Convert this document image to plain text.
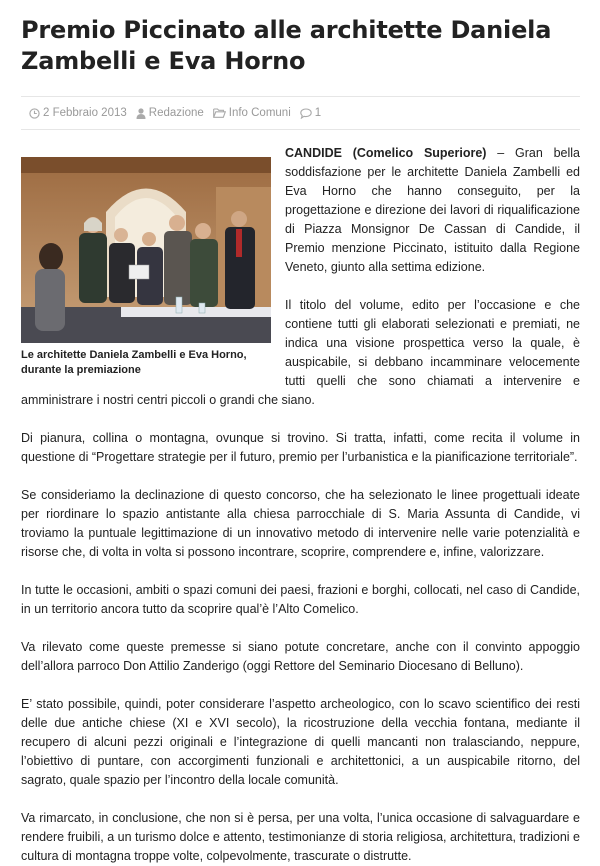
Premio Piccinato alle architette Daniela Zambelli e Eva Horno
2 Febbraio 2013 Redazione Info Comuni 1
Le architette Daniela Zambelli e Eva Horno, durante la premiazione

CANDIDE (Comelico Superiore) – Gran bella soddisfazione per le architette Daniela Zambelli ed Eva Horno che hanno conseguito, per la progettazione e direzione dei lavori di riqualificazione di Piazza Monsignor De Cassan di Candide, il Premio menzione Piccinato, istituito dalla Regione Veneto, giunto alla settima edizione.

Il titolo del volume, edito per l’occasione e che contiene tutti gli elaborati selezionati e premiati, ne indica una visione prospettica verso la quale, è auspicabile, si debbano incamminare velocemente tutti quelli che sono chiamati a intervenire e amministrare i nostri centri piccoli o grandi che siano.

Di pianura, collina o montagna, ovunque si trovino. Si tratta, infatti, come recita il volume in questione di “Progettare strategie per il futuro, premio per l’urbanistica e la pianificazione territoriale”.

Se consideriamo la declinazione di questo concorso, che ha selezionato le linee progettuali ideate per riordinare lo spazio antistante alla chiesa parrocchiale di S. Maria Assunta di Candide, vi troviamo la puntuale legittimazione di un innovativo metodo di intervenire nelle varie potenzialità e risorse che, di volta in volta si possono incontrare, scoprire, comprendere e, infine, valorizzare.

In tutte le occasioni, ambiti o spazi comuni dei paesi, frazioni e borghi, collocati, nel caso di Candide, in un territorio ancora tutto da scoprire qual’è l’Alto Comelico.

Va rilevato come queste premesse si siano potute concretare, anche con il convinto appoggio dell’allora parroco Don Attilio Zanderigo (oggi Rettore del Seminario Diocesano di Belluno).

E’ stato possibile, quindi, poter considerare l’aspetto archeologico, con lo scavo scientifico dei resti delle due antiche chiese (XI e XVI secolo), la ricostruzione della vecchia fontana, mediante il recupero di alcuni pezzi originali e l’integrazione di quelli mancanti non tralasciando, neppure, l’obiettivo di puntare, con accorgimenti funzionali e architettonici, a un auspicabile ritorno, del sagrato, quale spazio per l’incontro della locale comunità.

Va rimarcato, in conclusione, che non si è persa, per una volta, l’unica occasione di salvaguardare e rendere fruibili, a un turismo dolce e attento, testimonianze di storia religiosa, architettura, tradizioni e cultura di montagna troppe volte, colpevolmente, trascurate o distrutte.
